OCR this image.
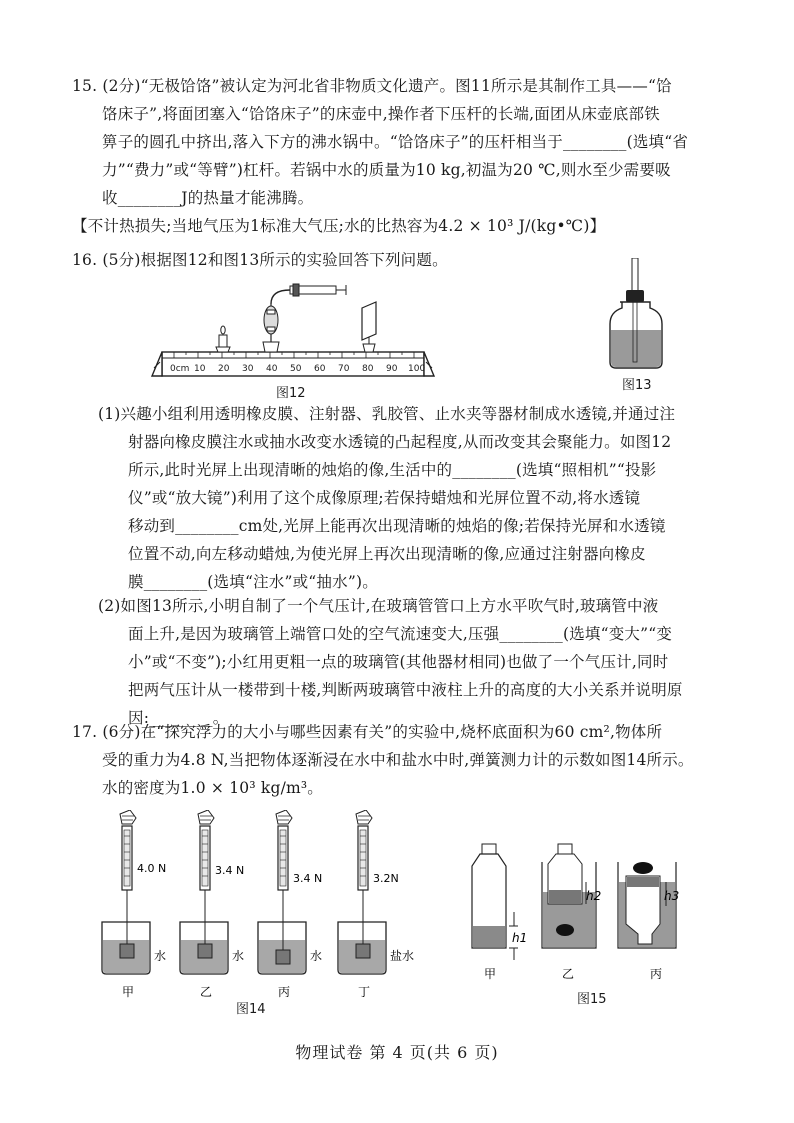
15. (2分)“无极饸饹”被认定为河北省非物质文化遗产。图11所示是其制作工具——“饸
饹床子”,将面团塞入“饸饹床子”的床壶中,操作者下压杆的长端,面团从床壶底部铁
箅子的圆孔中挤出,落入下方的沸水锅中。“饸饹床子”的压杆相当于________(选填“省
力”“费力”或“等臂”)杠杆。若锅中水的质量为10 kg,初温为20 ℃,则水至少需要吸
收________J的热量才能沸腾。
【不计热损失;当地气压为1标准大气压;水的比热容为4.2 × 10³ J/(kg•℃)】
16. (5分)根据图12和图13所示的实验回答下列问题。
0cm 10 20 30 40 50 60 70 80 90 100
图12
图13
(1)兴趣小组利用透明橡皮膜、注射器、乳胶管、止水夹等器材制成水透镜,并通过注
射器向橡皮膜注水或抽水改变水透镜的凸起程度,从而改变其会聚能力。如图12
所示,此时光屏上出现清晰的烛焰的像,生活中的________(选填“照相机”“投影
仪”或“放大镜”)利用了这个成像原理;若保持蜡烛和光屏位置不动,将水透镜
移动到________cm处,光屏上能再次出现清晰的烛焰的像;若保持光屏和水透镜
位置不动,向左移动蜡烛,为使光屏上再次出现清晰的像,应通过注射器向橡皮
膜________(选填“注水”或“抽水”)。
(2)如图13所示,小明自制了一个气压计,在玻璃管管口上方水平吹气时,玻璃管中液
面上升,是因为玻璃管上端管口处的空气流速变大,压强________(选填“变大”“变
小”或“不变”);小红用更粗一点的玻璃管(其他器材相同)也做了一个气压计,同时
把两气压计从一楼带到十楼,判断两玻璃管中液柱上升的高度的大小关系并说明原
因:________。
17. (6分)在“探究浮力的大小与哪些因素有关”的实验中,烧杯底面积为60 cm²,物体所
受的重力为4.8 N,当把物体逐渐浸在水中和盐水中时,弹簧测力计的示数如图14所示。
水的密度为1.0 × 10³ kg/m³。
4.0 N
水
甲
3.4 N
水
乙
3.4 N
水
丙
3.2N
盐水
丁
图14
h1
甲
h2
乙
h3
丙
图15
物理试卷 第 4 页(共 6 页)
